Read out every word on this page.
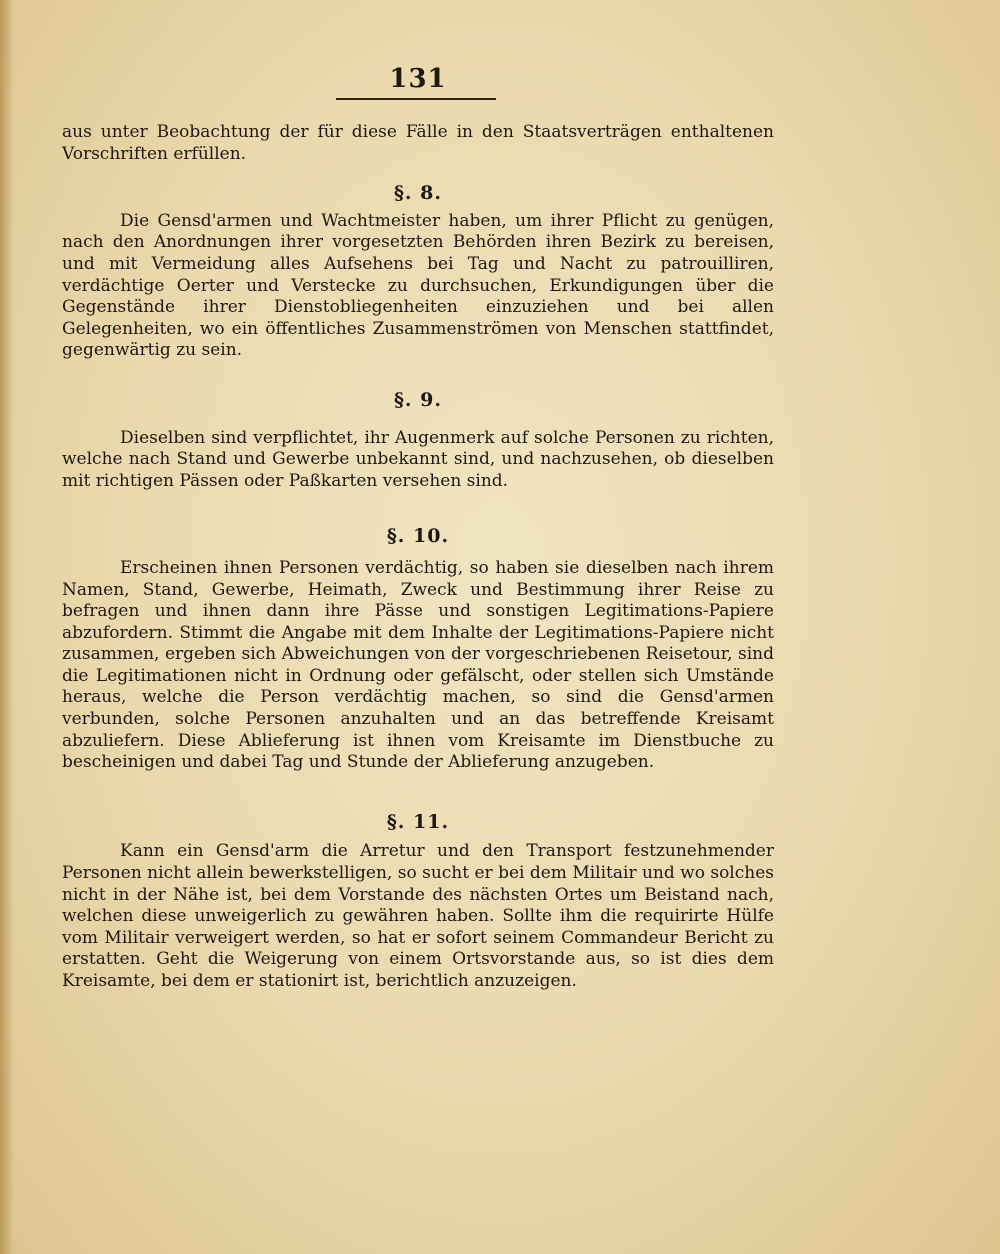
131

aus unter Beobachtung der für diese Fälle in den Staatsverträgen enthaltenen Vorschriften erfüllen.

§. 8.

Die Gensd'armen und Wachtmeister haben, um ihrer Pflicht zu genügen, nach den Anordnungen ihrer vorgesetzten Behörden ihren Bezirk zu bereisen, und mit Vermeidung alles Aufsehens bei Tag und Nacht zu patrouilliren, verdächtige Oerter und Verstecke zu durchsuchen, Erkundigungen über die Gegenstände ihrer Dienstobliegenheiten einzuziehen und bei allen Gelegenheiten, wo ein öffentliches Zusammenströmen von Menschen stattfindet, gegenwärtig zu sein.

§. 9.

Dieselben sind verpflichtet, ihr Augenmerk auf solche Personen zu richten, welche nach Stand und Gewerbe unbekannt sind, und nachzusehen, ob dieselben mit richtigen Pässen oder Paßkarten versehen sind.

§. 10.

Erscheinen ihnen Personen verdächtig, so haben sie dieselben nach ihrem Namen, Stand, Gewerbe, Heimath, Zweck und Bestimmung ihrer Reise zu befragen und ihnen dann ihre Pässe und sonstigen Legitimations-Papiere abzufordern. Stimmt die Angabe mit dem Inhalte der Legitimations-Papiere nicht zusammen, ergeben sich Abweichungen von der vorgeschriebenen Reisetour, sind die Legitimationen nicht in Ordnung oder gefälscht, oder stellen sich Umstände heraus, welche die Person verdächtig machen, so sind die Gensd'armen verbunden, solche Personen anzuhalten und an das betreffende Kreisamt abzuliefern. Diese Ablieferung ist ihnen vom Kreisamte im Dienstbuche zu bescheinigen und dabei Tag und Stunde der Ablieferung anzugeben.

§. 11.

Kann ein Gensd'arm die Arretur und den Transport festzunehmender Personen nicht allein bewerkstelligen, so sucht er bei dem Militair und wo solches nicht in der Nähe ist, bei dem Vorstande des nächsten Ortes um Beistand nach, welchen diese unweigerlich zu gewähren haben. Sollte ihm die requirirte Hülfe vom Militair verweigert werden, so hat er sofort seinem Commandeur Bericht zu erstatten. Geht die Weigerung von einem Ortsvorstande aus, so ist dies dem Kreisamte, bei dem er stationirt ist, berichtlich anzuzeigen.
